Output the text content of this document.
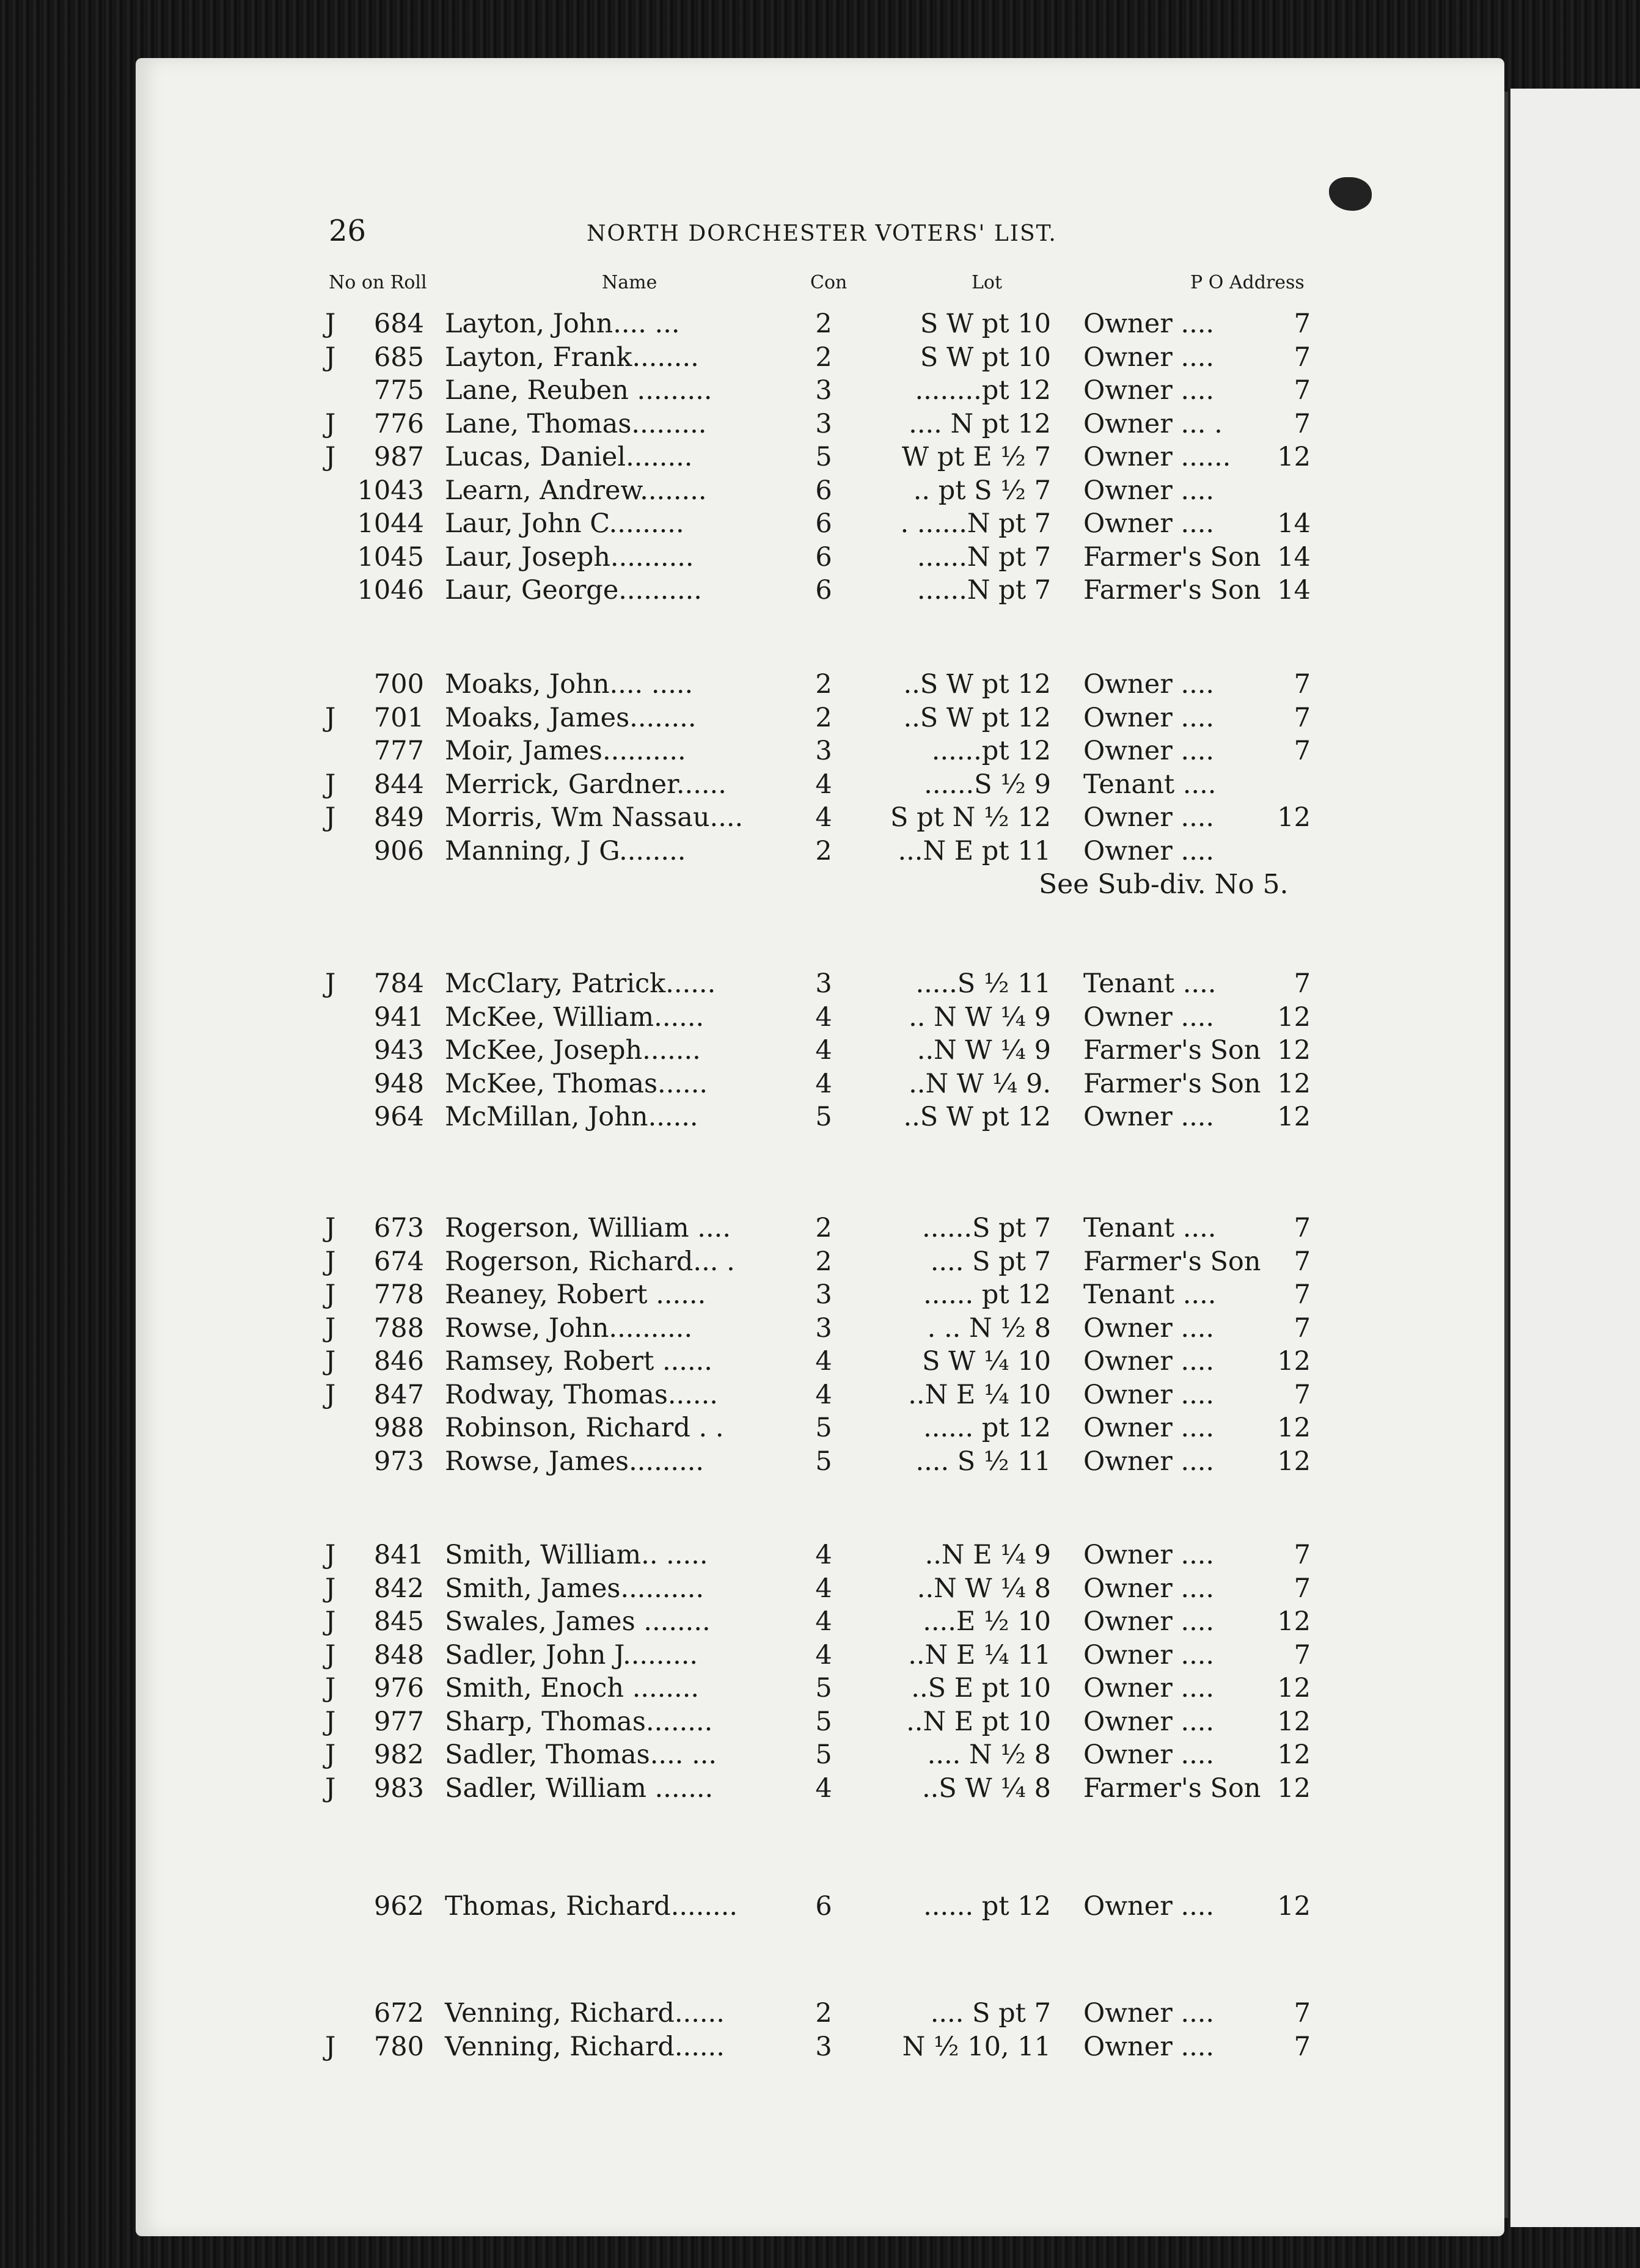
26	NORTH DORCHESTER VOTERS' LIST.
No on Roll	Name	Con	Lot	P O Address
J	684 Layton, John.... ...	2	S W pt 10 Owner ....	7
J	685 Layton, Frank........	2	S W pt 10 Owner ....	7
775 Lane, Reuben .........	3	........pt 12 Owner ....	7
J	776 Lane, Thomas.........	3	.... N pt 12 Owner ... .	7
J	987 Lucas, Daniel........	5	W pt E ½ 7 Owner ......	12
1043 Learn, Andrew........	6	.. pt S ½ 7 Owner ....
1044 Laur, John C.........	6	. ......N pt 7 Owner ....	14
1045 Laur, Joseph..........	6	......N pt 7 Farmer's Son 14
1046 Laur, George..........	6	......N pt 7 Farmer's Son 14
700 Moaks, John.... .....	2	..S W pt 12 Owner ....	7
J	701 Moaks, James........	2	..S W pt 12 Owner ....	7
777 Moir, James..........	3	......pt 12 Owner ....	7
J	844 Merrick, Gardner......	4	......S ½ 9 Tenant ....
J	849 Morris, Wm Nassau....	4	S pt N ½ 12 Owner ....	12
906 Manning, J G........	2	...N E pt 11 Owner ....
See Sub-div. No 5.
J	784 McClary, Patrick......	3	.....S ½ 11 Tenant ....	7
941 McKee, William......	4	.. N W ¼ 9 Owner ....	12
943 McKee, Joseph.......	4	..N W ¼ 9 Farmer's Son 12
948 McKee, Thomas......	4	..N W ¼ 9. Farmer's Son 12
964 McMillan, John......	5	..S W pt 12 Owner ....	12
J	673 Rogerson, William ....	2	......S pt 7 Tenant ....	7
J	674 Rogerson, Richard... .	2	.... S pt 7 Farmer's Son	7
J	778 Reaney, Robert ......	3	...... pt 12 Tenant ....	7
J	788 Rowse, John..........	3	. .. N ½ 8 Owner ....	7
J	846 Ramsey, Robert ......	4	S W ¼ 10 Owner ....	12
J	847 Rodway, Thomas......	4	..N E ¼ 10 Owner ....	7
988 Robinson, Richard . .	5	...... pt 12 Owner ....	12
973 Rowse, James.........	5	.... S ½ 11 Owner ....	12
J	841 Smith, William.. .....	4	..N E ¼ 9 Owner ....	7
J	842 Smith, James..........	4	..N W ¼ 8 Owner ....	7
J	845 Swales, James ........	4	....E ½ 10 Owner ....	12
J	848 Sadler, John J.........	4	..N E ¼ 11 Owner ....	7
J	976 Smith, Enoch ........	5	..S E pt 10 Owner ....	12
J	977 Sharp, Thomas........	5	..N E pt 10 Owner ....	12
J	982 Sadler, Thomas.... ...	5	.... N ½ 8 Owner ....	12
J	983 Sadler, William .......	4	..S W ¼ 8 Farmer's Son 12
962 Thomas, Richard........	6	...... pt 12 Owner ....	12
672 Venning, Richard......	2	.... S pt 7 Owner ....	7
J	780 Venning, Richard......	3	N ½ 10, 11 Owner ....	7
